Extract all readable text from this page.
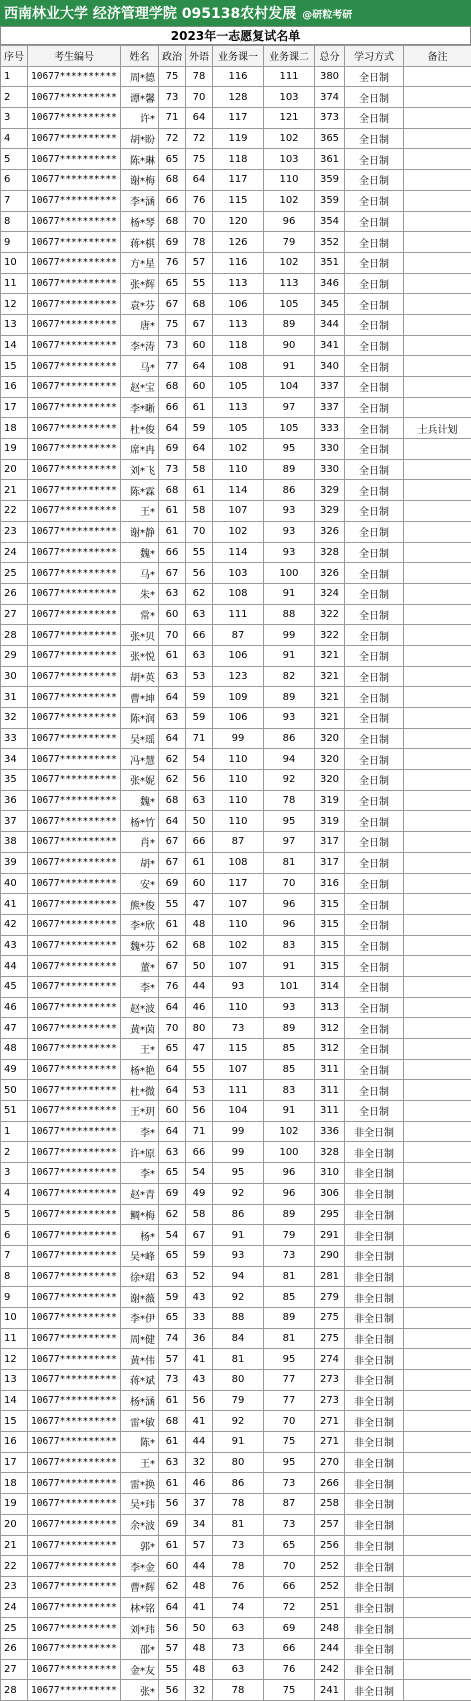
西南林业大学 经济管理学院 095138农村发展 @研粒考研
2023年一志愿复试名单
序号	考生编号	姓名	政治	外语	业务课一	业务课二	总分	学习方式	备注
1	10677**********	周*德	75	78	116	111	380	全日制	
2	10677**********	谭*馨	73	70	128	103	374	全日制	
3	10677**********	许*	71	64	117	121	373	全日制	
4	10677**********	胡*盼	72	72	119	102	365	全日制	
5	10677**********	陈*琳	65	75	118	103	361	全日制	
6	10677**********	谢*梅	68	64	117	110	359	全日制	
7	10677**********	李*涵	66	76	115	102	359	全日制	
8	10677**********	杨*琴	68	70	120	96	354	全日制	
9	10677**********	蒋*棋	69	78	126	79	352	全日制	
10	10677**********	方*星	76	57	116	102	351	全日制	
11	10677**********	张*辉	65	55	113	113	346	全日制	
12	10677**********	袁*芬	67	68	106	105	345	全日制	
13	10677**********	唐*	75	67	113	89	344	全日制	
14	10677**********	李*涛	73	60	118	90	341	全日制	
15	10677**********	马*	77	64	108	91	340	全日制	
16	10677**********	赵*宝	68	60	105	104	337	全日制	
17	10677**********	李*晰	66	61	113	97	337	全日制	
18	10677**********	杜*俊	64	59	105	105	333	全日制	士兵计划
19	10677**********	席*冉	69	64	102	95	330	全日制	
20	10677**********	刘*飞	73	58	110	89	330	全日制	
21	10677**********	陈*霖	68	61	114	86	329	全日制	
22	10677**********	王*	61	58	107	93	329	全日制	
23	10677**********	谢*静	61	70	102	93	326	全日制	
24	10677**********	魏*	66	55	114	93	328	全日制	
25	10677**********	马*	67	56	103	100	326	全日制	
26	10677**********	朱*	63	62	108	91	324	全日制	
27	10677**********	常*	60	63	111	88	322	全日制	
28	10677**********	张*贝	70	66	87	99	322	全日制	
29	10677**********	张*悦	61	63	106	91	321	全日制	
30	10677**********	胡*英	63	53	123	82	321	全日制	
31	10677**********	曹*坤	64	59	109	89	321	全日制	
32	10677**********	陈*润	63	59	106	93	321	全日制	
33	10677**********	吴*瑶	64	71	99	86	320	全日制	
34	10677**********	冯*慧	62	54	110	94	320	全日制	
35	10677**********	张*妮	62	56	110	92	320	全日制	
36	10677**********	魏*	68	63	110	78	319	全日制	
37	10677**********	杨*竹	64	50	110	95	319	全日制	
38	10677**********	肖*	67	66	87	97	317	全日制	
39	10677**********	胡*	67	61	108	81	317	全日制	
40	10677**********	安*	69	60	117	70	316	全日制	
41	10677**********	熊*俊	55	47	107	96	315	全日制	
42	10677**********	李*欣	61	48	110	96	315	全日制	
43	10677**********	魏*芬	62	68	102	83	315	全日制	
44	10677**********	董*	67	50	107	91	315	全日制	
45	10677**********	李*	76	44	93	101	314	全日制	
46	10677**********	赵*波	64	46	110	93	313	全日制	
47	10677**********	黄*茵	70	80	73	89	312	全日制	
48	10677**********	王*	65	47	115	85	312	全日制	
49	10677**********	杨*艳	64	55	107	85	311	全日制	
50	10677**********	杜*微	64	53	111	83	311	全日制	
51	10677**********	王*玥	60	56	104	91	311	全日制	
1	10677**********	李*	64	71	99	102	336	非全日制	
2	10677**********	许*原	63	66	99	100	328	非全日制	
3	10677**********	李*	65	54	95	96	310	非全日制	
4	10677**********	赵*青	69	49	92	96	306	非全日制	
5	10677**********	鲷*梅	62	58	86	89	295	非全日制	
6	10677**********	杨*	54	67	91	79	291	非全日制	
7	10677**********	吴*峰	65	59	93	73	290	非全日制	
8	10677**********	徐*珺	63	52	94	81	281	非全日制	
9	10677**********	谢*薇	59	43	92	85	279	非全日制	
10	10677**********	李*伊	65	33	88	89	275	非全日制	
11	10677**********	周*健	74	36	84	81	275	非全日制	
12	10677**********	黄*伟	57	41	81	95	274	非全日制	
13	10677**********	蒋*斌	73	43	80	77	273	非全日制	
14	10677**********	杨*涵	61	56	79	77	273	非全日制	
15	10677**********	雷*敏	68	41	92	70	271	非全日制	
16	10677**********	陈*	61	44	91	75	271	非全日制	
17	10677**********	王*	63	32	80	95	270	非全日制	
18	10677**********	雷*换	61	46	86	73	266	非全日制	
19	10677**********	吴*玮	56	37	78	87	258	非全日制	
20	10677**********	余*波	69	34	81	73	257	非全日制	
21	10677**********	郭*	61	57	73	65	256	非全日制	
22	10677**********	李*金	60	44	78	70	252	非全日制	
23	10677**********	曹*辉	62	48	76	66	252	非全日制	
24	10677**********	林*铭	64	41	74	72	251	非全日制	
25	10677**********	刘*玮	56	50	63	69	248	非全日制	
26	10677**********	邵*	57	48	73	66	244	非全日制	
27	10677**********	金*友	55	48	63	76	242	非全日制	
28	10677**********	张*	56	32	78	75	241	非全日制	
